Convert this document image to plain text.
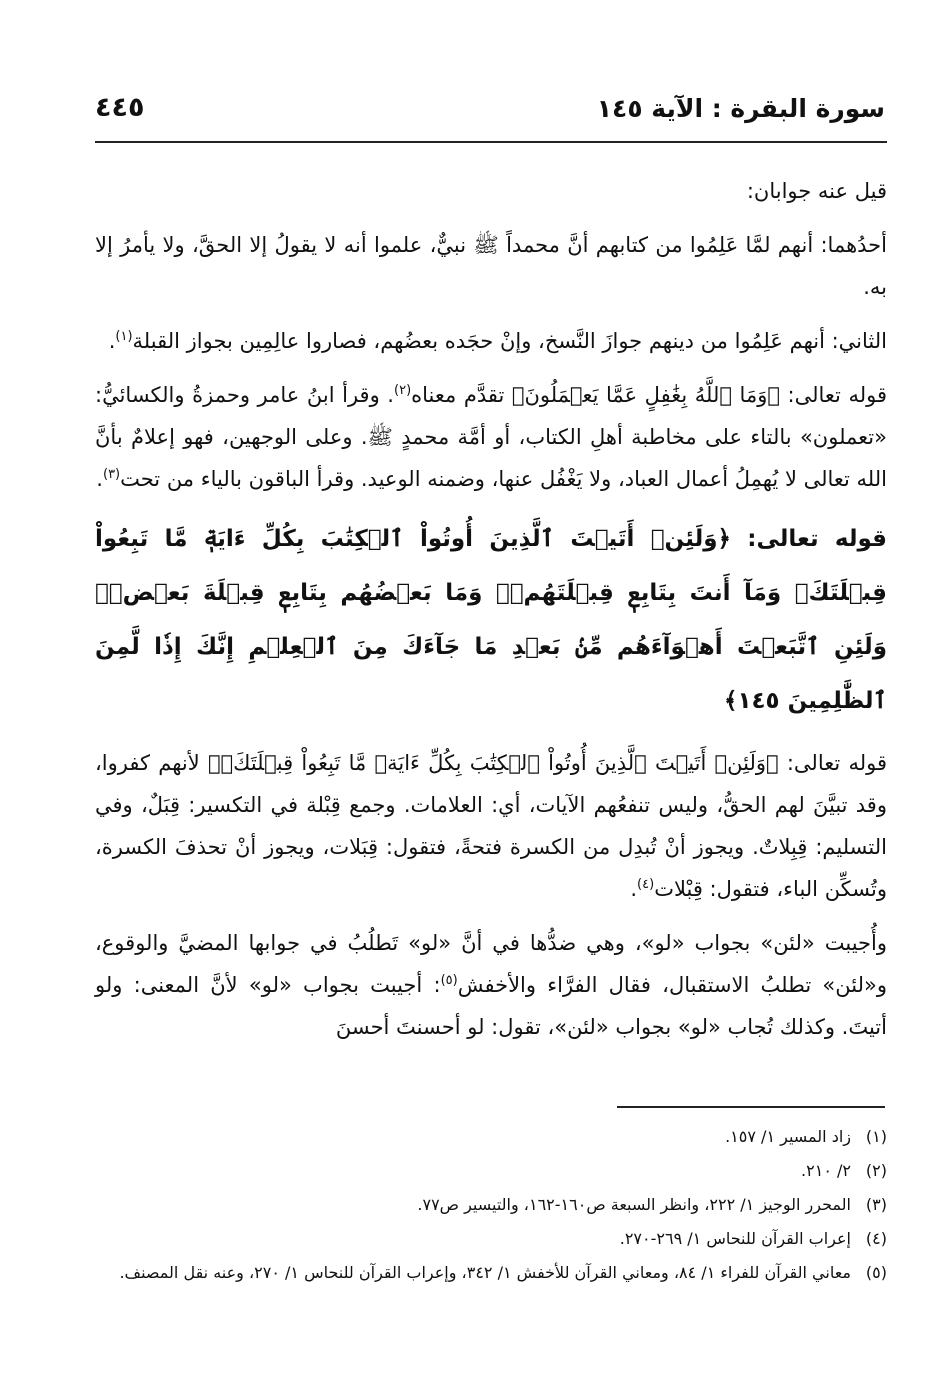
سورة البقرة : الآية ١٤٥
٤٤٥

قيل عنه جوابان:

أحدُهما: أنهم لمَّا عَلِمُوا من كتابهم أنَّ محمداً ﷺ نبيٌّ، علموا أنه لا يقولُ إلا الحقَّ، ولا يأمرُ إلا به.

الثاني: أنهم عَلِمُوا من دينهم جوازَ النَّسخ، وإنْ حجَده بعضُهم، فصاروا عالِمِين بجواز القبلة$^{(١)}$.

قوله تعالى: ﴿وَمَا ٱللَّهُ بِغَٰفِلٍ عَمَّا يَعۡمَلُونَ﴾ تقدَّم معناه$^{(٢)}$. وقرأ ابنُ عامر وحمزةُ والكسائيُّ: «تعملون» بالتاء على مخاطبة أهلِ الكتاب، أو أمَّة محمدٍ ﷺ. وعلى الوجهين، فهو إعلامٌ بأنَّ الله تعالى لا يُهمِلُ أعمال العباد، ولا يَغْفُل عنها، وضمنه الوعيد. وقرأ الباقون بالياء من تحت$^{(٣)}$.

قوله تعالى: ﴿وَلَئِنۡ أَتَيۡتَ ٱلَّذِينَ أُوتُواْ ٱلۡكِتَٰبَ بِكُلِّ ءَايَةٖ مَّا تَبِعُواْ قِبۡلَتَكَۚ وَمَآ أَنتَ بِتَابِعٖ قِبۡلَتَهُمۡۚ وَمَا بَعۡضُهُم بِتَابِعٖ قِبۡلَةَ بَعۡضٖۚ وَلَئِنِ ٱتَّبَعۡتَ أَهۡوَآءَهُم مِّنۢ بَعۡدِ مَا جَآءَكَ مِنَ ٱلۡعِلۡمِ إِنَّكَ إِذٗا لَّمِنَ ٱلظَّٰلِمِينَ ١٤٥﴾

قوله تعالى: ﴿وَلَئِنۡ أَتَيۡتَ ٱلَّذِينَ أُوتُواْ ٱلۡكِتَٰبَ بِكُلِّ ءَايَةٖ مَّا تَبِعُواْ قِبۡلَتَكَۚ﴾ لأنهم كفروا، وقد تبيَّنَ لهم الحقُّ، وليس تنفعُهم الآيات، أي: العلامات. وجمع قِبْلة في التكسير: قِبَلٌ، وفي التسليم: قِبِلاتٌ. ويجوز أنْ تُبدِل من الكسرة فتحةً، فتقول: قِبَلات، ويجوز أنْ تحذفَ الكسرة، وتُسكِّن الباء، فتقول: قِبْلات$^{(٤)}$.

وأُجيبت «لئن» بجواب «لو»، وهي ضدُّها في أنَّ «لو» تَطلُبُ في جوابها المضيَّ والوقوع، و«لئن» تطلبُ الاستقبال، فقال الفرَّاء والأخفش$^{(٥)}$: أجيبت بجواب «لو» لأنَّ المعنى: ولو أتيتَ. وكذلك تُجاب «لو» بجواب «لئن»، تقول: لو أحسنتَ أحسنَ

(١)
زاد المسير ١/ ١٥٧.
(٢)
٢/ ٢١٠.
(٣)
المحرر الوجيز ١/ ٢٢٢، وانظر السبعة ص١٦٠-١٦٢، والتيسير ص٧٧.
(٤)
إعراب القرآن للنحاس ١/ ٢٦٩-٢٧٠.
(٥)
معاني القرآن للفراء ١/ ٨٤، ومعاني القرآن للأخفش ١/ ٣٤٢، وإعراب القرآن للنحاس ١/ ٢٧٠، وعنه نقل المصنف.
